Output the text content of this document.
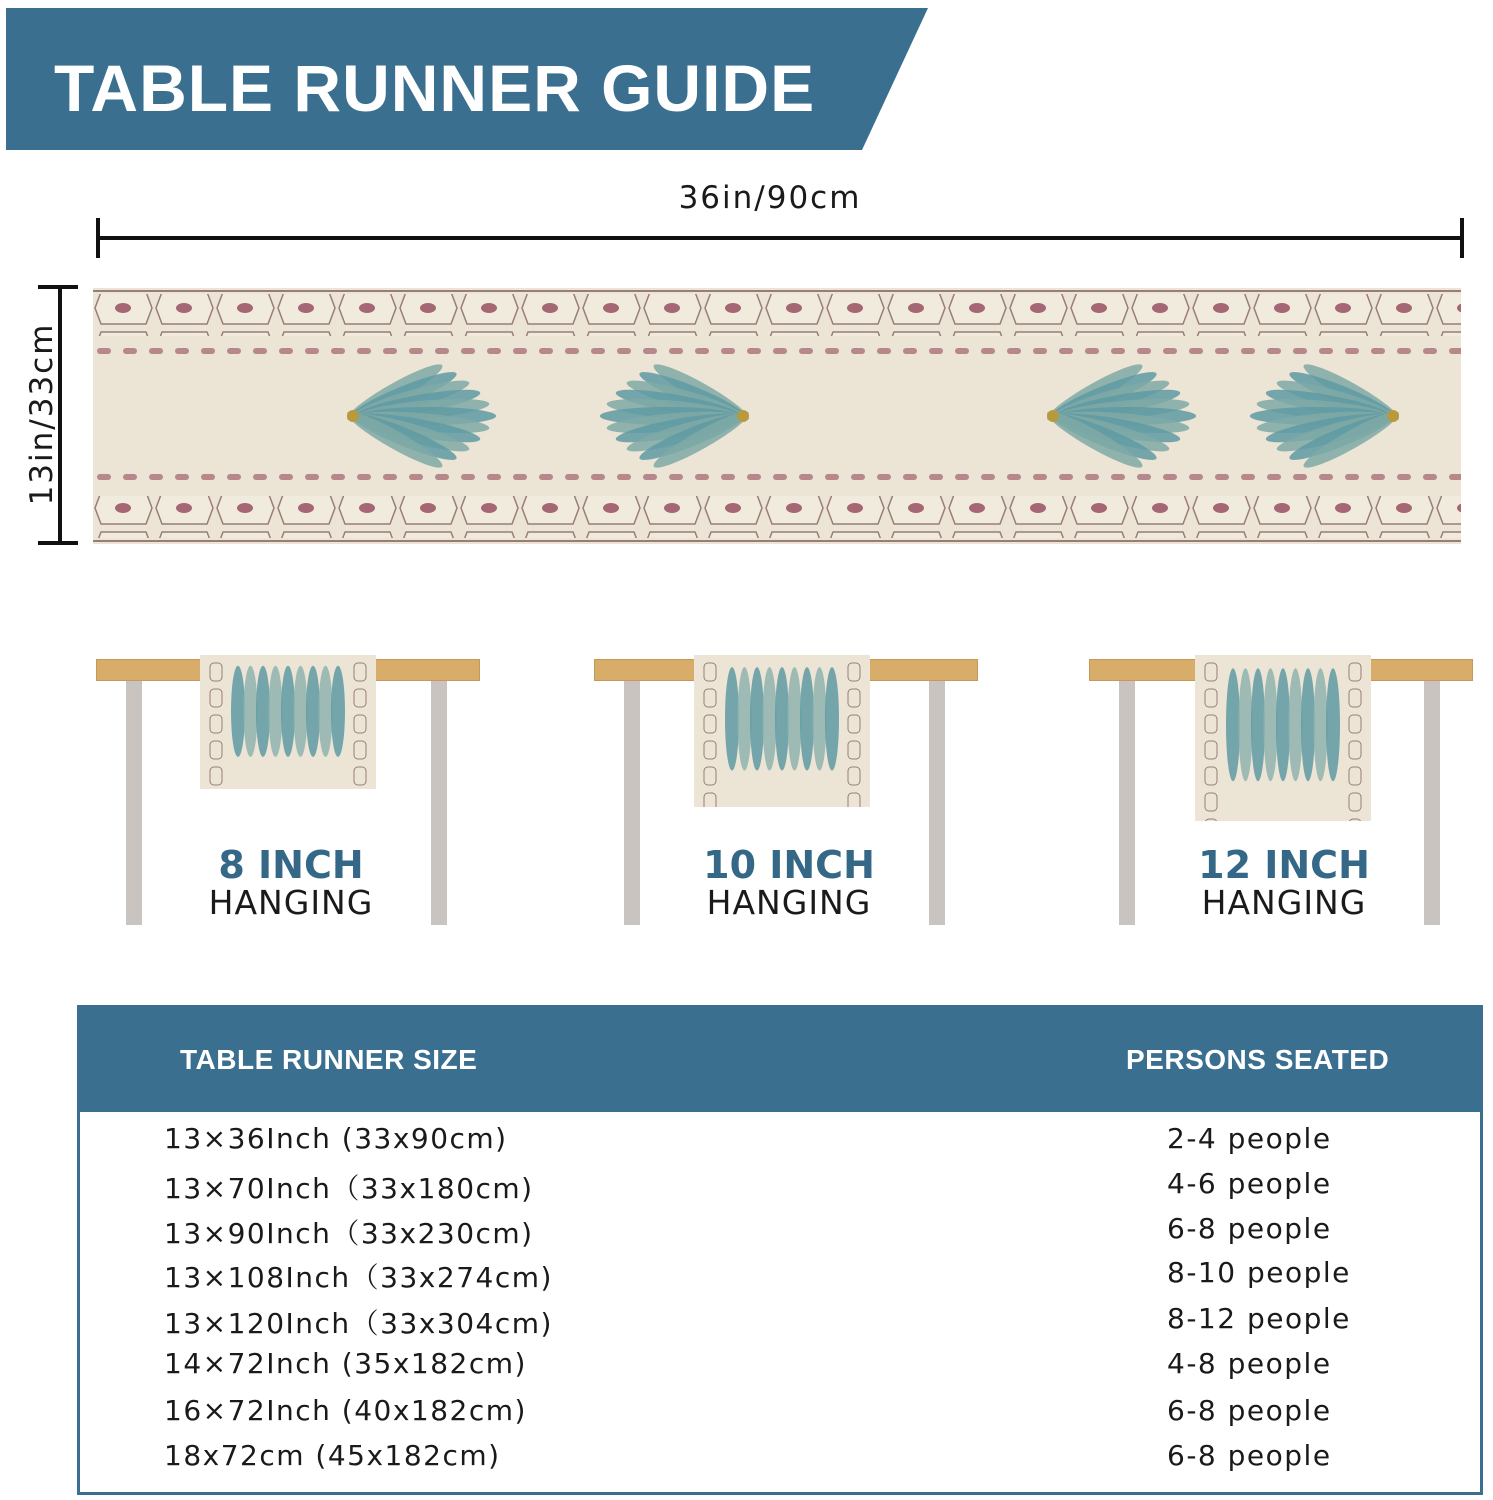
TABLE RUNNER GUIDE
36in/90cm
13in/33cm
8 INCH
HANGING
10 INCH
HANGING
12 INCH
HANGING
TABLE RUNNER SIZE	PERSONS SEATED
13×36Inch (33x90cm)	2-4 people
13×70Inch（33x180cm)	4-6 people
13×90Inch（33x230cm)	6-8 people
13×108Inch（33x274cm)	8-10 people
13×120Inch（33x304cm)	8-12 people
14×72Inch (35x182cm)	4-8 people
16×72Inch (40x182cm)	6-8 people
18x72cm (45x182cm)	6-8 people
